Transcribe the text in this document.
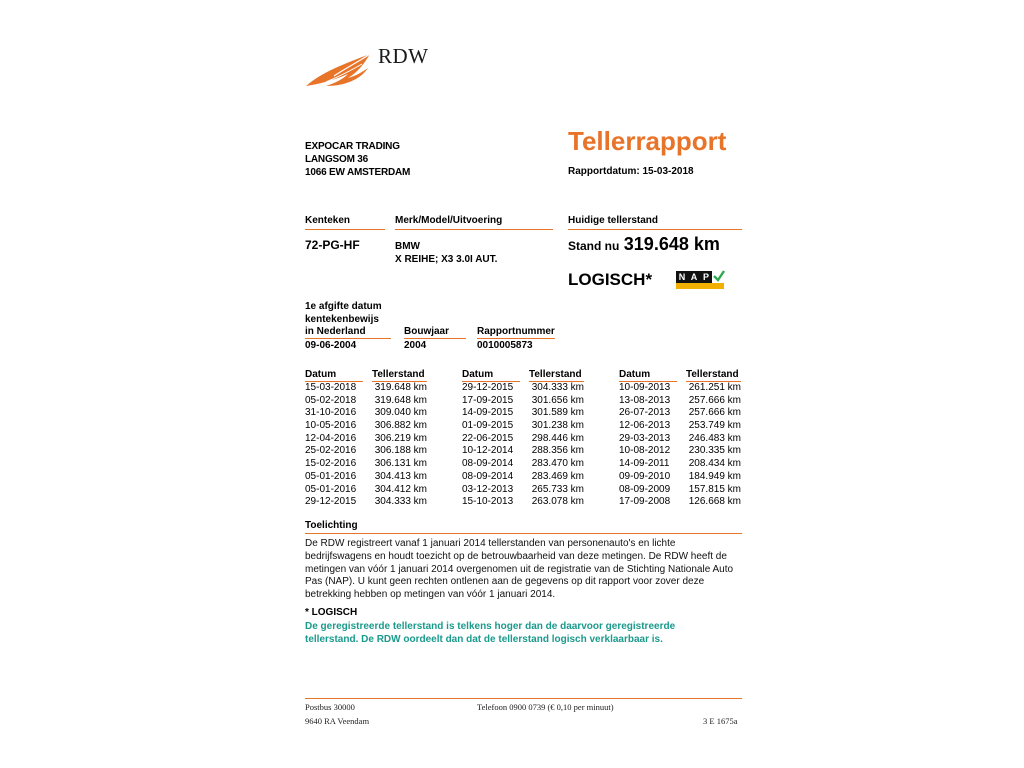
RDW
EXPOCAR TRADING
LANGSOM 36
1066 EW AMSTERDAM
Tellerrapport
Rapportdatum: 15-03-2018
Kenteken	Merk/Model/Uitvoering	Huidige tellerstand
72-PG-HF	BMW
X REIHE; X3 3.0I AUT.
Stand nu 319.648 km
LOGISCH*	N A P
1e afgifte datum
kentekenbewijs
in Nederland	Bouwjaar	Rapportnummer
09-06-2004	2004	0010005873
Datum	Tellerstand
15-03-2018 319.648 km
05-02-2018 319.648 km
31-10-2016 309.040 km
10-05-2016 306.882 km
12-04-2016 306.219 km
25-02-2016 306.188 km
15-02-2016 306.131 km
05-01-2016 304.413 km
05-01-2016 304.412 km
29-12-2015 304.333 km
Datum	Tellerstand
29-12-2015 304.333 km
17-09-2015 301.656 km
14-09-2015 301.589 km
01-09-2015 301.238 km
22-06-2015 298.446 km
10-12-2014 288.356 km
08-09-2014 283.470 km
08-09-2014 283.469 km
03-12-2013 265.733 km
15-10-2013 263.078 km
Datum	Tellerstand
10-09-2013 261.251 km
13-08-2013 257.666 km
26-07-2013 257.666 km
12-06-2013 253.749 km
29-03-2013 246.483 km
10-08-2012 230.335 km
14-09-2011 208.434 km
09-09-2010 184.949 km
08-09-2009 157.815 km
17-09-2008 126.668 km
Toelichting
De RDW registreert vanaf 1 januari 2014 tellerstanden van personenauto's en lichte
bedrijfswagens en houdt toezicht op de betrouwbaarheid van deze metingen. De RDW heeft de
metingen van vóór 1 januari 2014 overgenomen uit de registratie van de Stichting Nationale Auto
Pas (NAP). U kunt geen rechten ontlenen aan de gegevens op dit rapport voor zover deze
betrekking hebben op metingen van vóór 1 januari 2014.
* LOGISCH
De geregistreerde tellerstand is telkens hoger dan de daarvoor geregistreerde
tellerstand. De RDW oordeelt dan dat de tellerstand logisch verklaarbaar is.
Postbus 30000
9640 RA Veendam
Telefoon 0900 0739 (€ 0,10 per minuut)
3 E 1675a
